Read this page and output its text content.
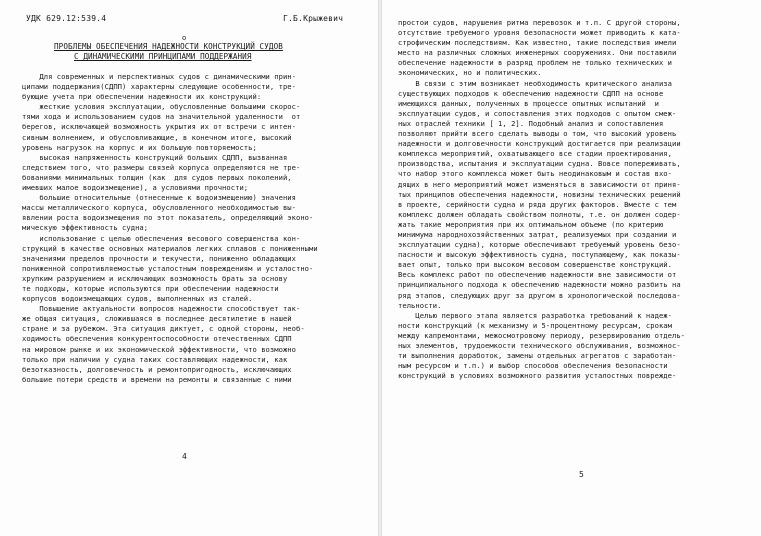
УДК 629.12:539.4	Г.Б.Крыжевич
о
ПРОБЛЕМЫ ОБЕСПЕЧЕНИЯ НАДЕЖНОСТИ КОНСТРУКЦИЙ СУДОВ
С ДИНАМИЧЕСКИМИ ПРИНЦИПАМИ ПОДДЕРЖАНИЯ
Для современных и перспективных судов с динамическими прин-
ципами поддержания(СДПП) характерны следующие особенности, тре-
бующие учета при обеспечении надежности их конструкций:
жесткие условия эксплуатации, обусловленные большими скорос-
тями хода и использованием судов на значительной удаленности  от
берегов, исключающей возможность укрытия их от встречи с интен-
сивным волнением, и обусловливающие, в конечном итоге, высокий
уровень нагрузок на корпус и их большую повторяемость;
высокая напряженность конструкций больших СДПП, вызванная
следствием того, что размеры связей корпуса определяются не тре-
бованиями минимальных толщин (как  для судов первых поколений,
имевших малое водоизмещение), а условиями прочности;
большие относительные (отнесенные к водоизмещению) значения
массы металлического корпуса, обусловленного необходимостью вы-
явлении роста водоизмещения по этот показатель, определяющий эконо-
мическую эффективность судна;
использование с целью обеспечения весового совершенства кон-
струкций в качестве основных материалов легких сплавов с пониженными
значениями пределов прочности и текучести, пониженно обладающих
пониженной сопротивляемостью усталостным повреждениям и усталостно-
хрупким разрушением и исключающих возможность брать за основу
те подходы, которые используются при обеспечении надежности
корпусов водоизмещающих судов, выполненных из сталей.
Повышение актуальности вопросов надежности способствует так-
же общая ситуация, сложившаяся в последнее десятилетие в нашей
стране и за рубежом. Эта ситуация диктует, с одной стороны, необ-
ходимость обеспечения конкурентоспособности отечественных СДПП
на мировом рынке и их экономической эффективности, что возможно
только при наличии у судна таких составляющих надежности, как
безотказность, долговечность и ремонтопригодность, исключающих
большие потери средств и времени на ремонты и связанные с ними
4
простои судов, нарушения ритма перевозок и т.п. С другой стороны,
отсутствие требуемого уровня безопасности может приводить к ката-
строфическим последствиям. Как известно, такие последствия имели
место на различных сложных инженерных сооружениях. Они поставили
обеспечение надежности в разряд проблем не только технических и
экономических, но и политических.
В связи с этим возникает необходимость критического анализа
существующих подходов к обеспечению надежности СДПП на основе
имеющихся данных, полученных в процессе опытных испытаний  и
эксплуатации судов, и сопоставления этих подходов с опытом смеж-
ных отраслей техники [ 1, 2]. Подобный анализ и сопоставления
позволяют прийти всего сделать выводы о том, что высокий уровень
надежности и долговечности конструкций достигается при реализации
комплекса мероприятий, охватывающего все стадии проектирования,
производства, испытания и эксплуатации судна. Вовсе попереживать,
что набор этого комплекса может быть неодинаковым и состав вхо-
дящих в него мероприятий может изменяться в зависимости от приня-
тых принципов обеспечения надежности, новизны технических решений
в проекте, серийности судна и ряда других факторов. Вместе с тем
комплекс должен обладать свойством полноты, т.е. он должен содер-
жать такие мероприятия при их оптимальном объеме (по критерию
минимума народнохозяйственных затрат, реализуемых при создании и
эксплуатации судна), которые обеспечивают требуемый уровень безо-
пасности и высокую эффективность судна, поступающему, как показы-
вает опыт, только при высоком весовом совершенстве конструкций.
Весь комплекс работ по обеспечению надежности вне зависимости от
принципиального подхода к обеспечению надежности можно разбить на
ряд этапов, следующих друг за другом в хронологической последова-
тельности.
Целью первого этапа является разработка требований к надеж-
ности конструкций (к механизму и 5-процентному ресурсам, срокам
между капремонтами, межосмотровому периоду, резервированию отдель-
ных элементов, трудоемкости технического обслуживания, возможнос-
ти выполнения доработок, замены отдельных агрегатов с заработан-
ным ресурсом и т.п.) и выбор способов обеспечения безопасности
конструкций в условиях возможного развития усталостных повреждe-
5
